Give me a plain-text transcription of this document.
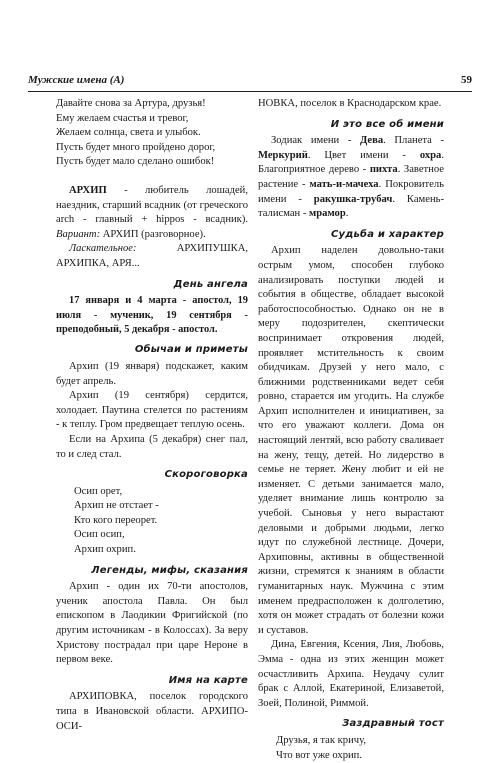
Мужские имена (А)	59
Давайте снова за Артура, друзья!
Ему желаем счастья и тревог,
Желаем солнца, света и улыбок.
Пусть будет много пройдено дорог,
Пусть будет мало сделано ошибок!
АРХИП - любитель лошадей, наездник, старший всадник (от греческого arch - главный + hippos - всадник). Вариант: АРХИП (разговорное).
Ласкательное: АРХИПУШКА, АРХИПКА, АРЯ...
День ангела
17 января и 4 марта - апостол, 19 июля - мученик, 19 сентября - преподобный, 5 декабря - апостол.
Обычаи и приметы
Архип (19 января) подскажет, каким будет апрель.
Архип (19 сентября) сердится, холодает. Паутина стелется по растениям - к теплу. Гром предвещает теплую осень.
Если на Архипа (5 декабря) снег пал, то и след стал.
Скороговорка
Осип орет,
Архип не отстает -
Кто кого переорет.
Осип осип,
Архип охрип.
Легенды, мифы, сказания
Архип - один их 70-ти апостолов, ученик апостола Павла. Он был епископом в Лаодикии Фригийской (по другим источникам - в Колоссах). За веру Христову пострадал при царе Нероне в первом веке.
Имя на карте
АРХИПОВКА, поселок городского типа в Ивановской области. АРХИПО-ОСИ-
НОВКА, поселок в Краснодарском крае.
И это все об имени
Зодиак имени - Дева. Планета - Меркурий. Цвет имени - охра. Благоприятное дерево - пихта. Заветное растение - мать-и-мачеха. Покровитель имени - ракушка-трубач. Камень-талисман - мрамор.
Судьба и характер
Архип наделен довольно-таки острым умом, способен глубоко анализировать поступки людей и события в обществе, обладает высокой работоспособностью. Однако он не в меру подозрителен, скептически воспринимает откровения людей, проявляет мстительность к своим обидчикам. Друзей у него мало, с ближними родственниками ведет себя ровно, старается им угодить. На службе Архип исполнителен и инициативен, за что его уважают коллеги. Дома он настоящий лентяй, всю работу сваливает на жену, тещу, детей. Но лидерство в семье не теряет. Жену любит и ей не изменяет. С детьми занимается мало, уделяет внимание лишь контролю за учебой. Сыновья у него вырастают деловыми и добрыми людьми, легко идут по служебной лестнице. Дочери, Архиповны, активны в общественной жизни, стремятся к знаниям в области гуманитарных наук. Мужчина с этим именем предрасположен к долголетию, хотя он может страдать от болезни кожи и суставов.
Дина, Евгения, Ксения, Лия, Любовь, Эмма - одна из этих женщин может осчастливить Архипа. Неудачу сулит брак с Аллой, Екатериной, Елизаветой, Зоей, Полиной, Риммой.
Заздравный тост
Друзья, я так кричу,
Что вот уже охрип.
